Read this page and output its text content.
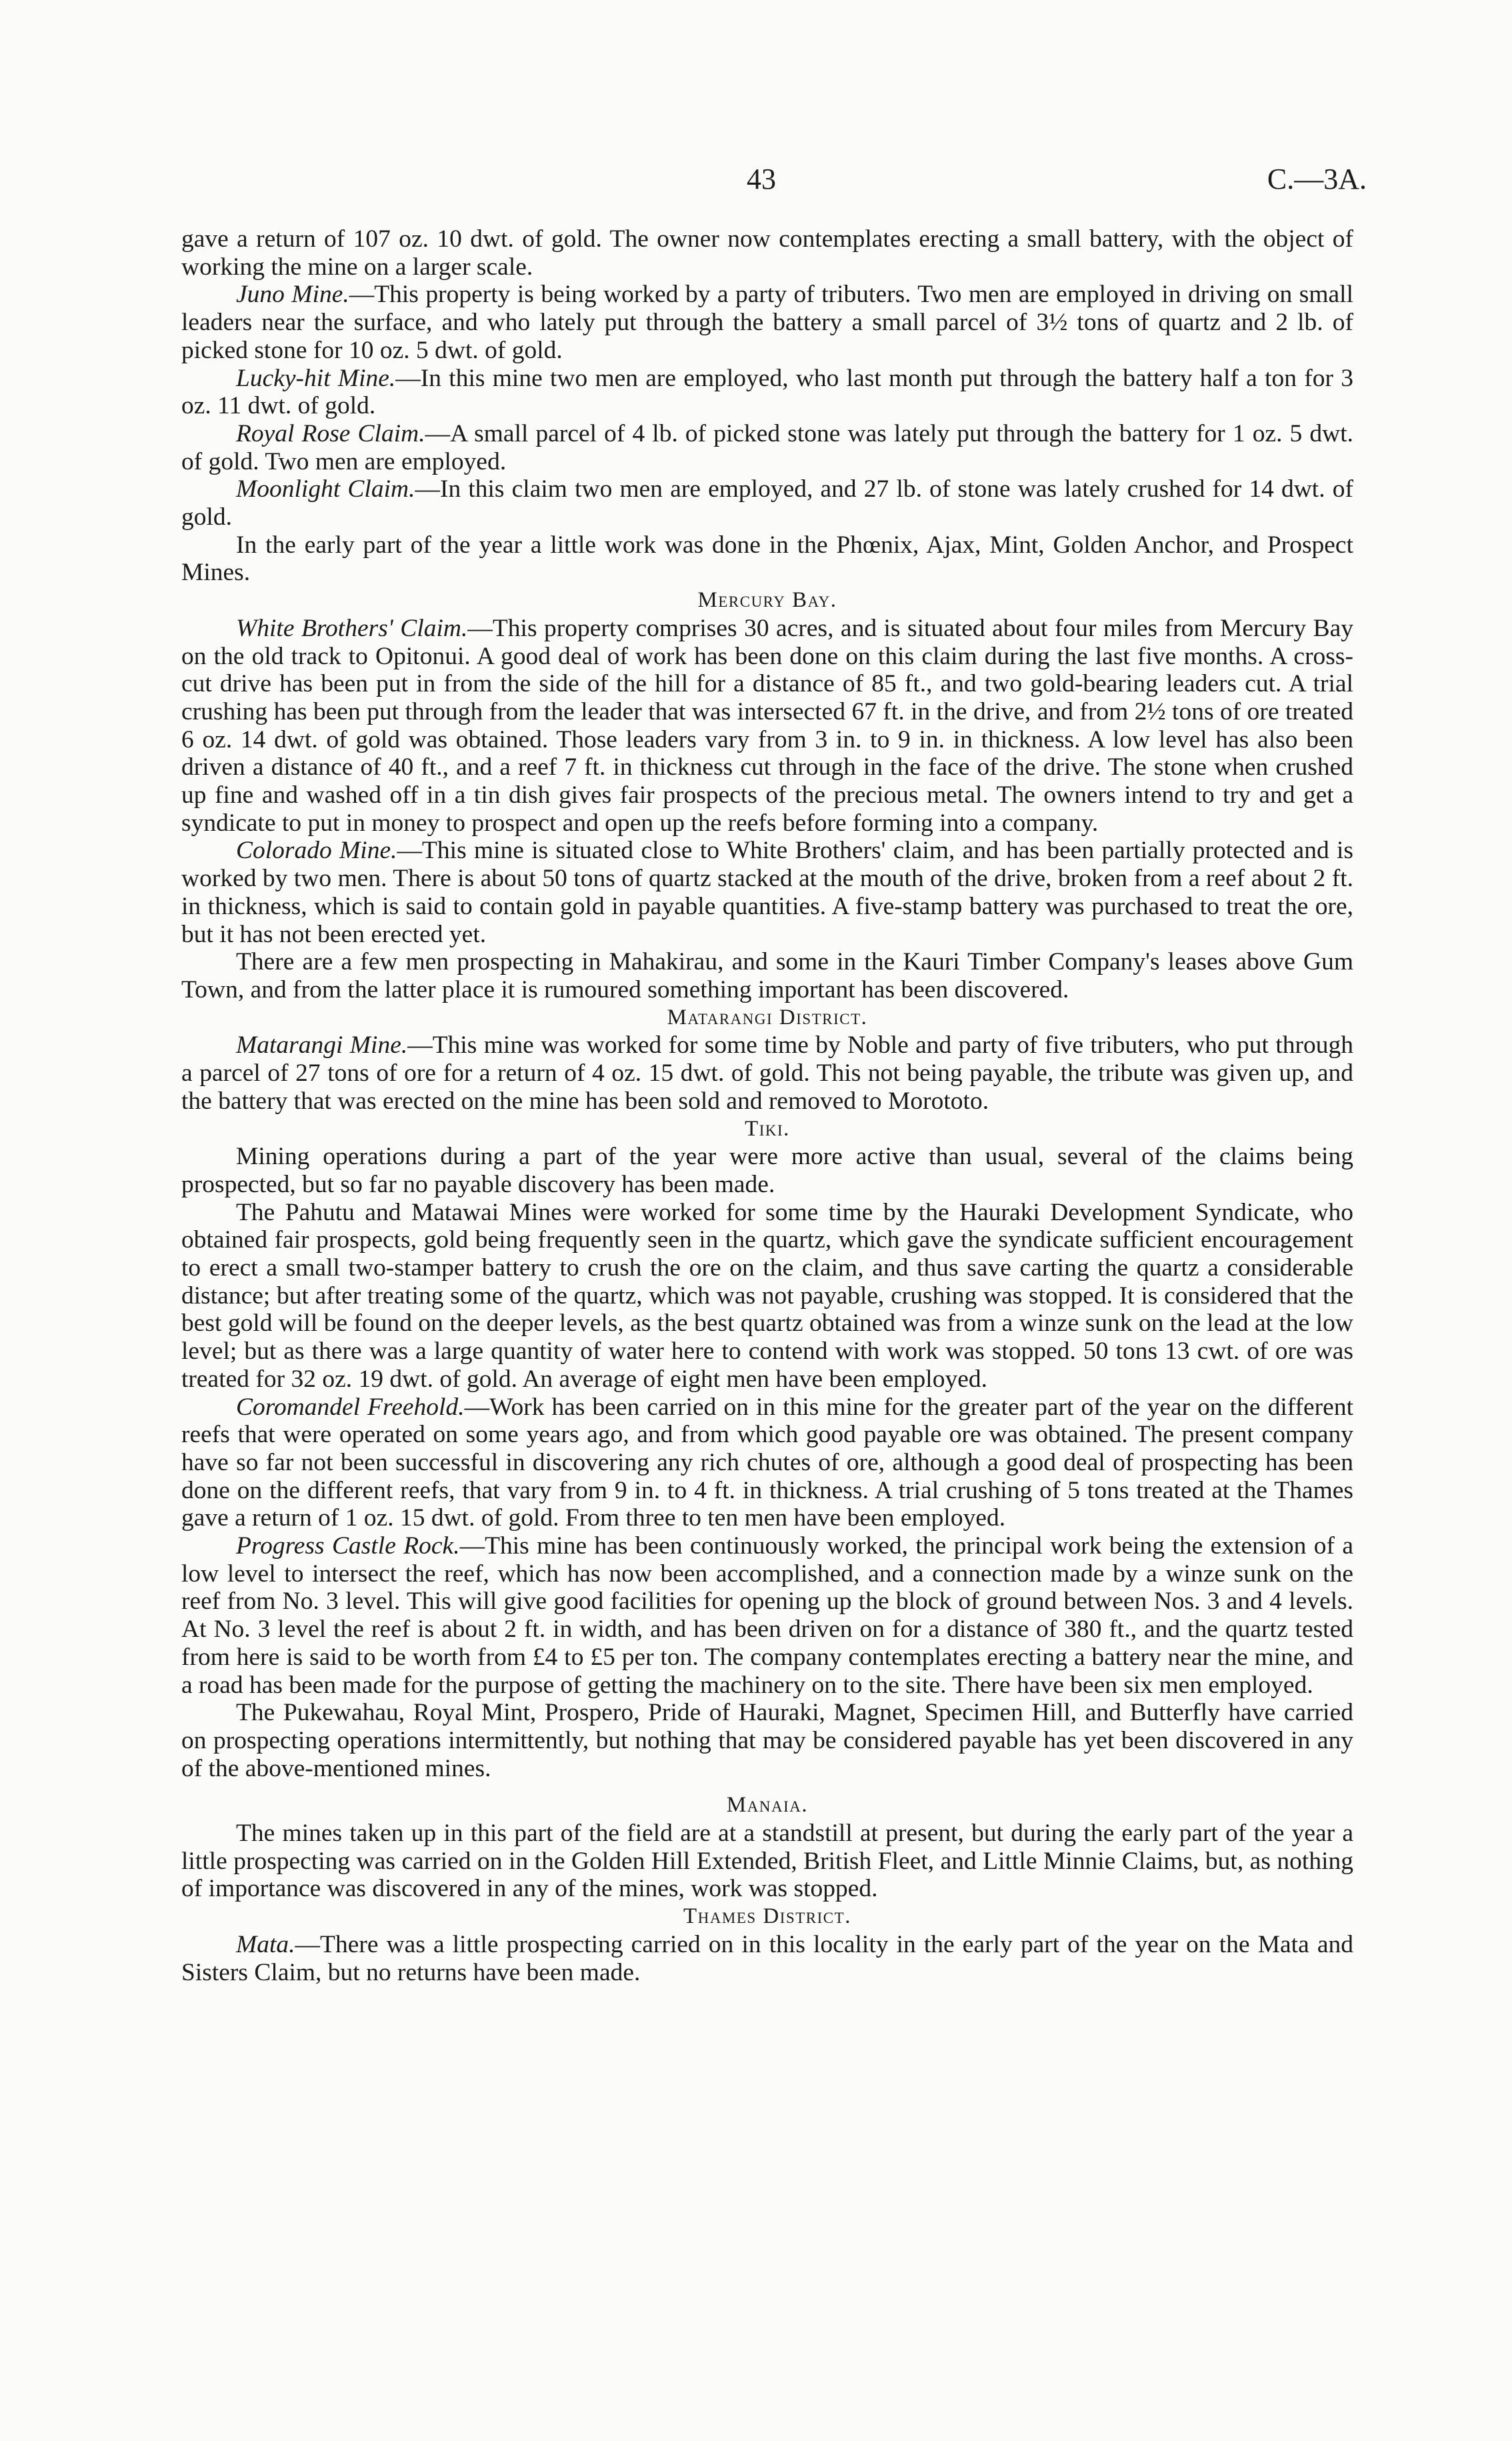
43	C.—3A.

gave a return of 107 oz. 10 dwt. of gold. The owner now contemplates erecting a small battery, with the object of working the mine on a larger scale.

Juno Mine.—This property is being worked by a party of tributers. Two men are employed in driving on small leaders near the surface, and who lately put through the battery a small parcel of 3½ tons of quartz and 2 lb. of picked stone for 10 oz. 5 dwt. of gold.

Lucky-hit Mine.—In this mine two men are employed, who last month put through the battery half a ton for 3 oz. 11 dwt. of gold.

Royal Rose Claim.—A small parcel of 4 lb. of picked stone was lately put through the battery for 1 oz. 5 dwt. of gold. Two men are employed.

Moonlight Claim.—In this claim two men are employed, and 27 lb. of stone was lately crushed for 14 dwt. of gold.

In the early part of the year a little work was done in the Phœnix, Ajax, Mint, Golden Anchor, and Prospect Mines.

Mercury Bay.

White Brothers' Claim.—This property comprises 30 acres, and is situated about four miles from Mercury Bay on the old track to Opitonui. A good deal of work has been done on this claim during the last five months. A cross-cut drive has been put in from the side of the hill for a distance of 85 ft., and two gold-bearing leaders cut. A trial crushing has been put through from the leader that was intersected 67 ft. in the drive, and from 2½ tons of ore treated 6 oz. 14 dwt. of gold was obtained. Those leaders vary from 3 in. to 9 in. in thickness. A low level has also been driven a distance of 40 ft., and a reef 7 ft. in thickness cut through in the face of the drive. The stone when crushed up fine and washed off in a tin dish gives fair prospects of the precious metal. The owners intend to try and get a syndicate to put in money to prospect and open up the reefs before forming into a company.

Colorado Mine.—This mine is situated close to White Brothers' claim, and has been partially protected and is worked by two men. There is about 50 tons of quartz stacked at the mouth of the drive, broken from a reef about 2 ft. in thickness, which is said to contain gold in payable quantities. A five-stamp battery was purchased to treat the ore, but it has not been erected yet.

There are a few men prospecting in Mahakirau, and some in the Kauri Timber Company's leases above Gum Town, and from the latter place it is rumoured something important has been discovered.

Matarangi District.

Matarangi Mine.—This mine was worked for some time by Noble and party of five tributers, who put through a parcel of 27 tons of ore for a return of 4 oz. 15 dwt. of gold. This not being payable, the tribute was given up, and the battery that was erected on the mine has been sold and removed to Morototo.

Tiki.

Mining operations during a part of the year were more active than usual, several of the claims being prospected, but so far no payable discovery has been made.

The Pahutu and Matawai Mines were worked for some time by the Hauraki Development Syndicate, who obtained fair prospects, gold being frequently seen in the quartz, which gave the syndicate sufficient encouragement to erect a small two-stamper battery to crush the ore on the claim, and thus save carting the quartz a considerable distance; but after treating some of the quartz, which was not payable, crushing was stopped. It is considered that the best gold will be found on the deeper levels, as the best quartz obtained was from a winze sunk on the lead at the low level; but as there was a large quantity of water here to contend with work was stopped. 50 tons 13 cwt. of ore was treated for 32 oz. 19 dwt. of gold. An average of eight men have been employed.

Coromandel Freehold.—Work has been carried on in this mine for the greater part of the year on the different reefs that were operated on some years ago, and from which good payable ore was obtained. The present company have so far not been successful in discovering any rich chutes of ore, although a good deal of prospecting has been done on the different reefs, that vary from 9 in. to 4 ft. in thickness. A trial crushing of 5 tons treated at the Thames gave a return of 1 oz. 15 dwt. of gold. From three to ten men have been employed.

Progress Castle Rock.—This mine has been continuously worked, the principal work being the extension of a low level to intersect the reef, which has now been accomplished, and a connection made by a winze sunk on the reef from No. 3 level. This will give good facilities for opening up the block of ground between Nos. 3 and 4 levels. At No. 3 level the reef is about 2 ft. in width, and has been driven on for a distance of 380 ft., and the quartz tested from here is said to be worth from £4 to £5 per ton. The company contemplates erecting a battery near the mine, and a road has been made for the purpose of getting the machinery on to the site. There have been six men employed.

The Pukewahau, Royal Mint, Prospero, Pride of Hauraki, Magnet, Specimen Hill, and Butterfly have carried on prospecting operations intermittently, but nothing that may be considered payable has yet been discovered in any of the above-mentioned mines.

Manaia.

The mines taken up in this part of the field are at a standstill at present, but during the early part of the year a little prospecting was carried on in the Golden Hill Extended, British Fleet, and Little Minnie Claims, but, as nothing of importance was discovered in any of the mines, work was stopped.

Thames District.

Mata.—There was a little prospecting carried on in this locality in the early part of the year on the Mata and Sisters Claim, but no returns have been made.
